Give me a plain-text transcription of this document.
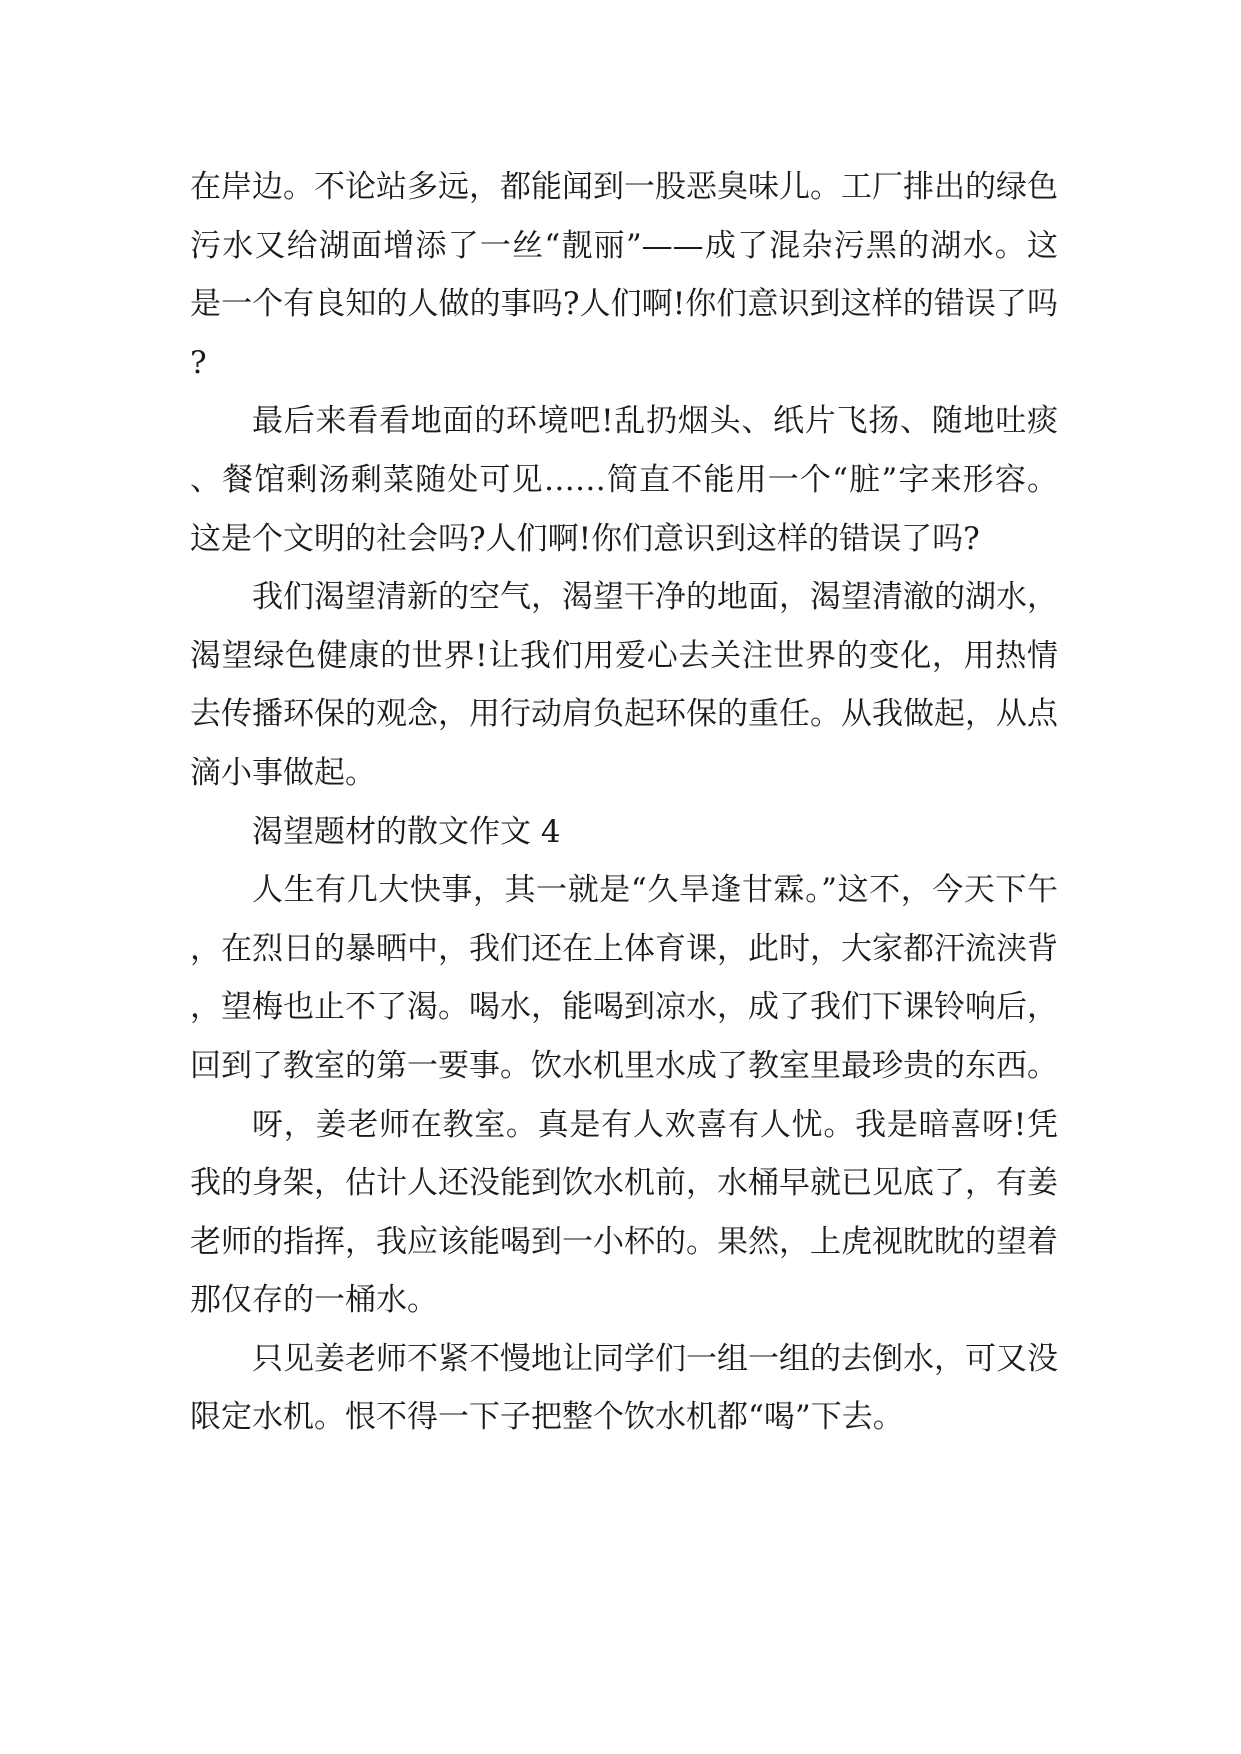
在岸边。不论站多远，都能闻到一股恶臭味儿。工厂排出的绿色污水又给湖面增添了一丝“靓丽”——成了混杂污黑的湖水。这是一个有良知的人做的事吗?人们啊!你们意识到这样的错误了吗?

最后来看看地面的环境吧!乱扔烟头、纸片飞扬、随地吐痰、餐馆剩汤剩菜随处可见……简直不能用一个“脏”字来形容。这是个文明的社会吗?人们啊!你们意识到这样的错误了吗?

我们渴望清新的空气，渴望干净的地面，渴望清澈的湖水，渴望绿色健康的世界!让我们用爱心去关注世界的变化，用热情去传播环保的观念，用行动肩负起环保的重任。从我做起，从点滴小事做起。

渴望题材的散文作文 4

人生有几大快事，其一就是“久旱逢甘霖。”这不，今天下午，在烈日的暴晒中，我们还在上体育课，此时，大家都汗流浃背，望梅也止不了渴。喝水，能喝到凉水，成了我们下课铃响后，回到了教室的第一要事。饮水机里水成了教室里最珍贵的东西。

呀，姜老师在教室。真是有人欢喜有人忧。我是暗喜呀!凭我的身架，估计人还没能到饮水机前，水桶早就已见底了，有姜老师的指挥，我应该能喝到一小杯的。果然，上虎视眈眈的望着那仅存的一桶水。

只见姜老师不紧不慢地让同学们一组一组的去倒水，可又没限定水机。恨不得一下子把整个饮水机都“喝”下去。
